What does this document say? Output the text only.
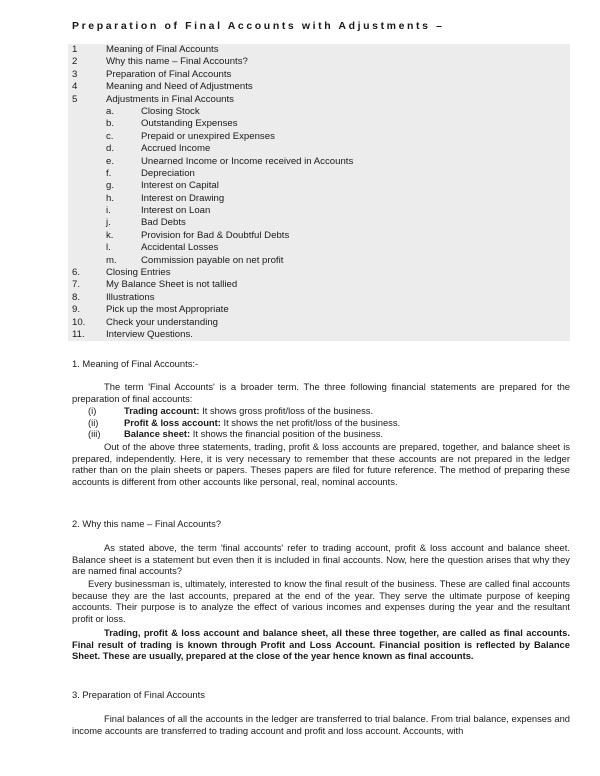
Preparation of Final Accounts with Adjustments –
1	Meaning of Final Accounts
2	Why this name – Final Accounts?
3	Preparation of Final Accounts
4	Meaning and Need of Adjustments
5	Adjustments in Final Accounts
a.	Closing Stock
b.	Outstanding Expenses
c.	Prepaid or unexpired Expenses
d.	Accrued Income
e.	Unearned Income or Income received in Accounts
f.	Depreciation
g.	Interest on Capital
h.	Interest on Drawing
i.	Interest on Loan
j.	Bad Debts
k.	Provision for Bad & Doubtful Debts
l.	Accidental Losses
m.	Commission payable on net profit
6.	Closing Entries
7.	My Balance Sheet is not tallied
8.	Illustrations
9.	Pick up the most Appropriate
10. Check your understanding
11. Interview Questions.
1. Meaning of Final Accounts:-
The term 'Final Accounts' is a broader term. The three following financial statements are prepared for the preparation of final accounts:
(i)	Trading account: It shows gross profit/loss of the business.
(ii)	Profit & loss account: It shows the net profit/loss of the business.
(iii)	Balance sheet: It shows the financial position of the business.
Out of the above three statements, trading, profit & loss accounts are prepared, together, and balance sheet is prepared, independently. Here, it is very necessary to remember that these accounts are not prepared in the ledger rather than on the plain sheets or papers. Theses papers are filed for future reference. The method of preparing these accounts is different from other accounts like personal, real, nominal accounts.
2. Why this name – Final Accounts?
As stated above, the term 'final accounts' refer to trading account, profit & loss account and balance sheet. Balance sheet is a statement but even then it is included in final accounts. Now, here the question arises that why they are named final accounts?
Every businessman is, ultimately, interested to know the final result of the business. These are called final accounts because they are the last accounts, prepared at the end of the year. They serve the ultimate purpose of keeping accounts. Their purpose is to analyze the effect of various incomes and expenses during the year and the resultant profit or loss.
Trading, profit & loss account and balance sheet, all these three together, are called as final accounts. Final result of trading is known through Profit and Loss Account. Financial position is reflected by Balance Sheet. These are usually, prepared at the close of the year hence known as final accounts.
3. Preparation of Final Accounts
Final balances of all the accounts in the ledger are transferred to trial balance. From trial balance, expenses and income accounts are transferred to trading account and profit and loss account. Accounts, with
